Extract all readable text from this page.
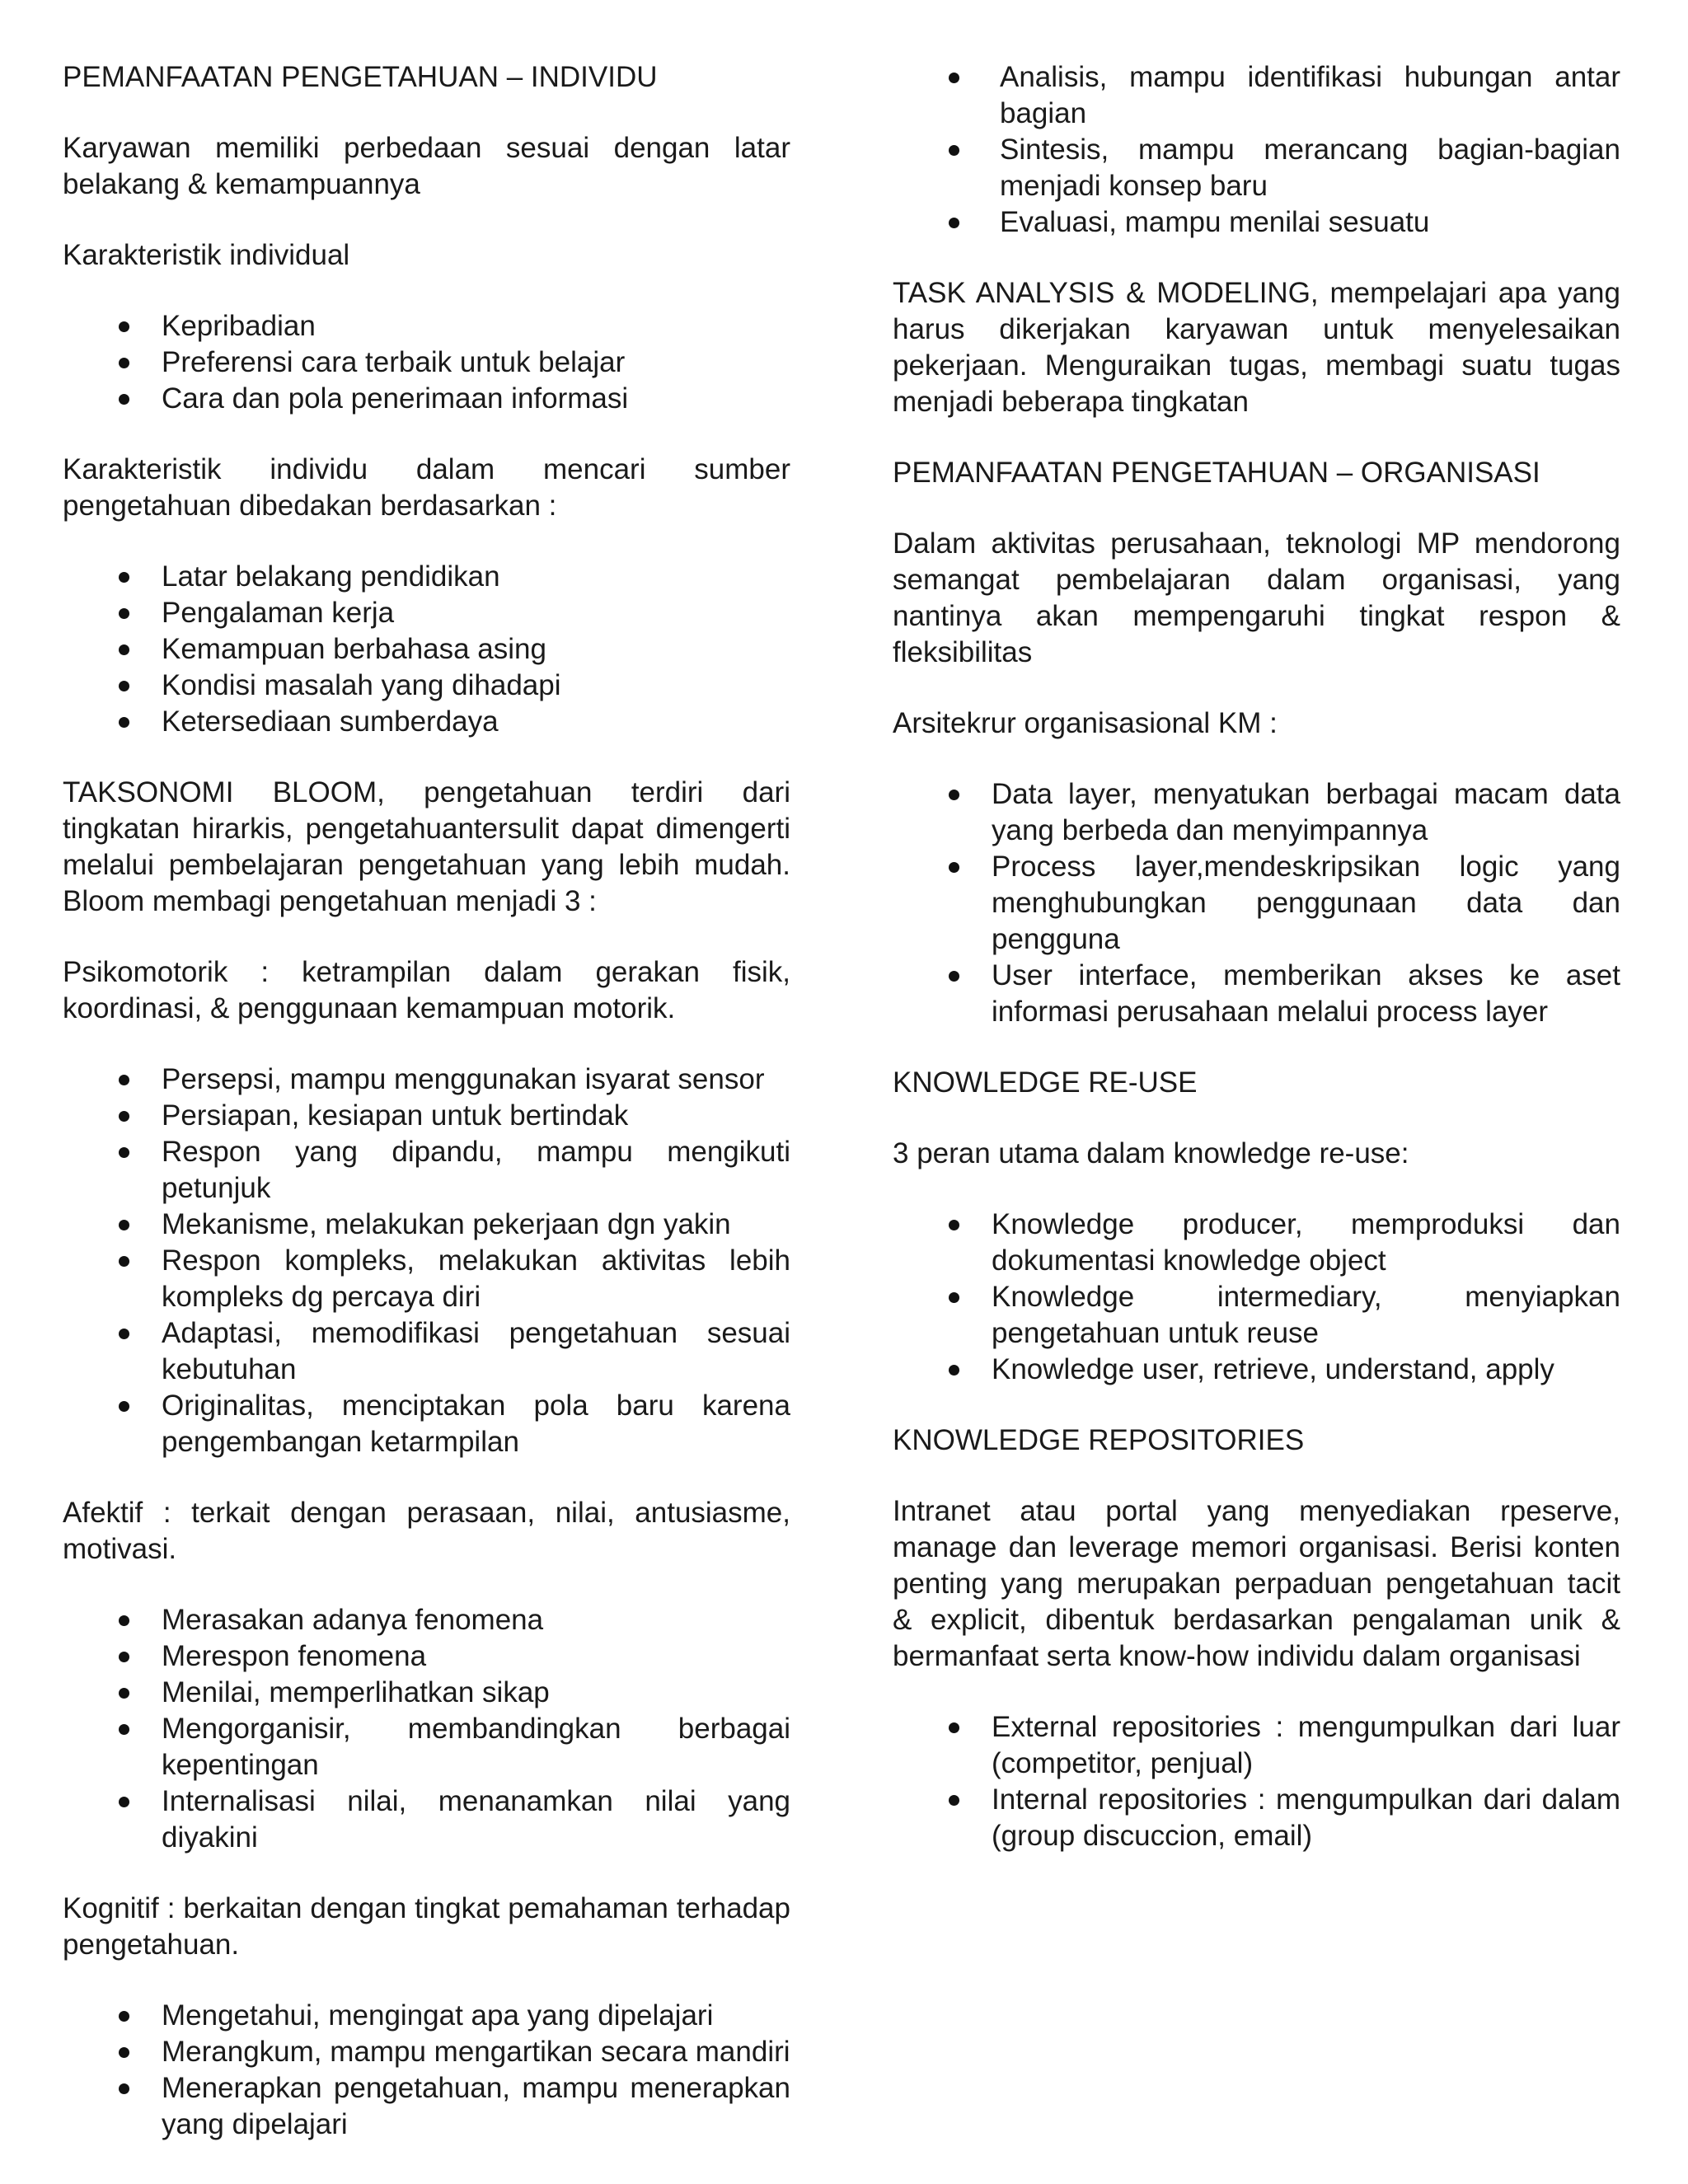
PEMANFAATAN PENGETAHUAN – INDIVIDU

Karyawan memiliki perbedaan sesuai dengan latar belakang & kemampuannya

Karakteristik individual

Kepribadian
Preferensi cara terbaik untuk belajar
Cara dan pola penerimaan informasi

Karakteristik individu dalam mencari sumber pengetahuan dibedakan berdasarkan :

Latar belakang pendidikan
Pengalaman kerja
Kemampuan berbahasa asing
Kondisi masalah yang dihadapi
Ketersediaan sumberdaya

TAKSONOMI BLOOM, pengetahuan terdiri dari tingkatan hirarkis, pengetahuantersulit dapat dimengerti melalui pembelajaran pengetahuan yang lebih mudah. Bloom membagi pengetahuan menjadi 3 :

Psikomotorik : ketrampilan dalam gerakan fisik, koordinasi, & penggunaan kemampuan motorik.

Persepsi, mampu menggunakan isyarat sensor
Persiapan, kesiapan untuk bertindak
Respon yang dipandu, mampu mengikuti petunjuk
Mekanisme, melakukan pekerjaan dgn yakin
Respon kompleks, melakukan aktivitas lebih kompleks dg percaya diri
Adaptasi, memodifikasi pengetahuan sesuai kebutuhan
Originalitas, menciptakan pola baru karena pengembangan ketarmpilan

Afektif : terkait dengan perasaan, nilai, antusiasme, motivasi.

Merasakan adanya fenomena
Merespon fenomena
Menilai, memperlihatkan sikap
Mengorganisir, membandingkan berbagai kepentingan
Internalisasi nilai, menanamkan nilai yang diyakini

Kognitif : berkaitan dengan tingkat pemahaman terhadap pengetahuan.

Mengetahui, mengingat apa yang dipelajari
Merangkum, mampu mengartikan secara mandiri
Menerapkan pengetahuan, mampu menerapkan yang dipelajari
Analisis, mampu identifikasi hubungan antar bagian
Sintesis, mampu merancang bagian-bagian menjadi konsep baru
Evaluasi, mampu menilai sesuatu

TASK ANALYSIS & MODELING, mempelajari apa yang harus dikerjakan karyawan untuk menyelesaikan pekerjaan. Menguraikan tugas, membagi suatu tugas menjadi beberapa tingkatan

PEMANFAATAN PENGETAHUAN – ORGANISASI

Dalam aktivitas perusahaan, teknologi MP mendorong semangat pembelajaran dalam organisasi, yang nantinya akan mempengaruhi tingkat respon & fleksibilitas

Arsitekrur organisasional KM :

Data layer, menyatukan berbagai macam data yang berbeda dan menyimpannya
Process layer,mendeskripsikan logic yang menghubungkan penggunaan data dan pengguna
User interface, memberikan akses ke aset informasi perusahaan melalui process layer

KNOWLEDGE RE-USE

3 peran utama dalam knowledge re-use:

Knowledge producer, memproduksi dan dokumentasi knowledge object
Knowledge intermediary, menyiapkan pengetahuan untuk reuse
Knowledge user, retrieve, understand, apply

KNOWLEDGE REPOSITORIES

Intranet atau portal yang menyediakan rpeserve, manage dan leverage memori organisasi. Berisi konten penting yang merupakan perpaduan pengetahuan tacit & explicit, dibentuk berdasarkan pengalaman unik & bermanfaat serta know-how individu dalam organisasi

External repositories : mengumpulkan dari luar (competitor, penjual)
Internal repositories : mengumpulkan dari dalam (group discuccion, email)
